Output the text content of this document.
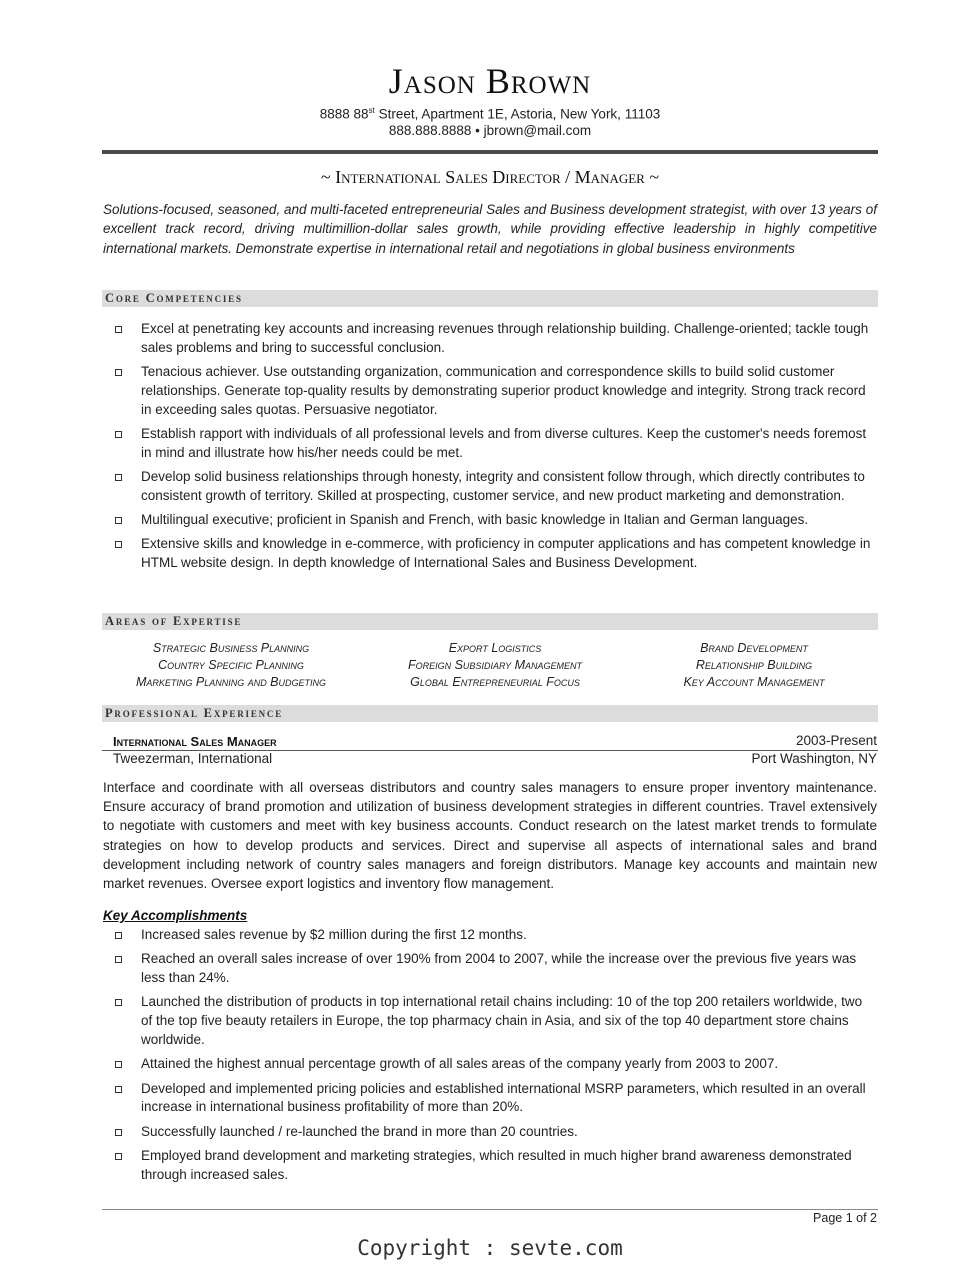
Jason Brown
8888 88st Street, Apartment 1E, Astoria, New York, 11103
888.888.8888 • jbrown@mail.com
~ International Sales Director / Manager ~
Solutions-focused, seasoned, and multi-faceted entrepreneurial Sales and Business development strategist, with over 13 years of excellent track record, driving multimillion-dollar sales growth, while providing effective leadership in highly competitive international markets. Demonstrate expertise in international retail and negotiations in global business environments
Core Competencies
Excel at penetrating key accounts and increasing revenues through relationship building. Challenge-oriented; tackle tough sales problems and bring to successful conclusion.
Tenacious achiever. Use outstanding organization, communication and correspondence skills to build solid customer relationships. Generate top-quality results by demonstrating superior product knowledge and integrity. Strong track record in exceeding sales quotas. Persuasive negotiator.
Establish rapport with individuals of all professional levels and from diverse cultures. Keep the customer's needs foremost in mind and illustrate how his/her needs could be met.
Develop solid business relationships through honesty, integrity and consistent follow through, which directly contributes to consistent growth of territory. Skilled at prospecting, customer service, and new product marketing and demonstration.
Multilingual executive; proficient in Spanish and French, with basic knowledge in Italian and German languages.
Extensive skills and knowledge in e-commerce, with proficiency in computer applications and has competent knowledge in HTML website design. In depth knowledge of International Sales and Business Development.
Areas of Expertise
Strategic Business Planning
Country Specific Planning
Marketing Planning and Budgeting
Export Logistics
Foreign Subsidiary Management
Global Entrepreneurial Focus
Brand Development
Relationship Building
Key Account Management
Professional Experience
International Sales Manager	2003-Present
Tweezerman, International	Port Washington, NY
Interface and coordinate with all overseas distributors and country sales managers to ensure proper inventory maintenance. Ensure accuracy of brand promotion and utilization of business development strategies in different countries. Travel extensively to negotiate with customers and meet with key business accounts. Conduct research on the latest market trends to formulate strategies on how to develop products and services. Direct and supervise all aspects of international sales and brand development including network of country sales managers and foreign distributors. Manage key accounts and maintain new market revenues. Oversee export logistics and inventory flow management.
Key Accomplishments
Increased sales revenue by $2 million during the first 12 months.
Reached an overall sales increase of over 190% from 2004 to 2007, while the increase over the previous five years was less than 24%.
Launched the distribution of products in top international retail chains including: 10 of the top 200 retailers worldwide, two of the top five beauty retailers in Europe, the top pharmacy chain in Asia, and six of the top 40 department store chains worldwide.
Attained the highest annual percentage growth of all sales areas of the company yearly from 2003 to 2007.
Developed and implemented pricing policies and established international MSRP parameters, which resulted in an overall increase in international business profitability of more than 20%.
Successfully launched / re-launched the brand in more than 20 countries.
Employed brand development and marketing strategies, which resulted in much higher brand awareness demonstrated through increased sales.
Page 1 of 2
Copyright : sevte.com
